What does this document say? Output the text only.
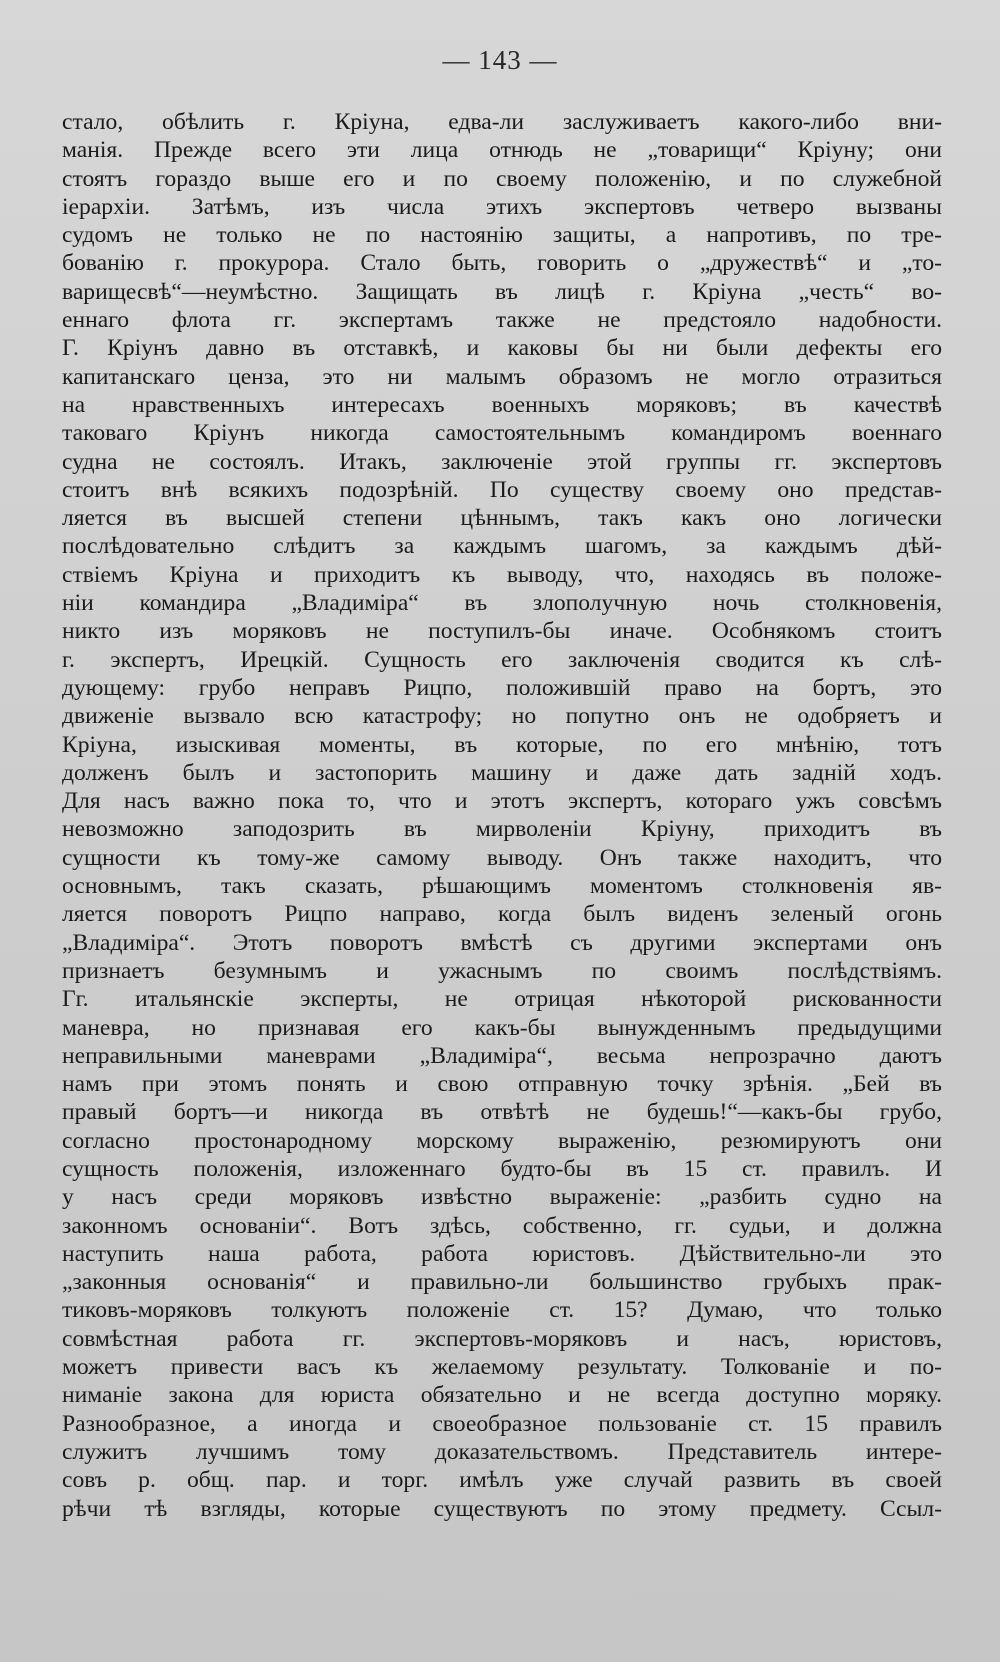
— 143 —
стало, обѣлить г. Кріуна, едва-ли заслуживаетъ какого-либо вни-
манія. Прежде всего эти лица отнюдь не „товарищи“ Кріуну; они
стоятъ гораздо выше его и по своему положенію, и по служебной
іерархіи. Затѣмъ, изъ числа этихъ экспертовъ четверо вызваны
судомъ не только не по настоянію защиты, а напротивъ, по тре-
бованію г. прокурора. Стало быть, говорить о „дружествѣ“ и „то-
варищесвѣ“—неумѣстно. Защищать въ лицѣ г. Кріуна „честь“ во-
еннаго флота гг. экспертамъ также не предстояло надобности.
Г. Кріунъ давно въ отставкѣ, и каковы бы ни были дефекты его
капитанскаго ценза, это ни малымъ образомъ не могло отразиться
на нравственныхъ интересахъ военныхъ моряковъ; въ качествѣ
таковаго Кріунъ никогда самостоятельнымъ командиромъ военнаго
судна не состоялъ. Итакъ, заключеніе этой группы гг. экспертовъ
стоитъ внѣ всякихъ подозрѣній. По существу своему оно представ-
ляется въ высшей степени цѣннымъ, такъ какъ оно логически
послѣдовательно слѣдитъ за каждымъ шагомъ, за каждымъ дѣй-
ствіемъ Кріуна и приходитъ къ выводу, что, находясь въ положе-
ніи командира „Владиміра“ въ злополучную ночь столкновенія,
никто изъ моряковъ не поступилъ-бы иначе. Особнякомъ стоитъ
г. экспертъ, Ирецкій. Сущность его заключенія сводится къ слѣ-
дующему: грубо неправъ Рицпо, положившій право на бортъ, это
движеніе вызвало всю катастрофу; но попутно онъ не одобряетъ и
Кріуна, изыскивая моменты, въ которые, по его мнѣнію, тотъ
долженъ былъ и застопорить машину и даже дать задній ходъ.
Для насъ важно пока то, что и этотъ экспертъ, котораго ужъ совсѣмъ
невозможно заподозрить въ мирволеніи Кріуну, приходитъ въ
сущности къ тому-же самому выводу. Онъ также находитъ, что
основнымъ, такъ сказать, рѣшающимъ моментомъ столкновенія яв-
ляется поворотъ Рицпо направо, когда былъ виденъ зеленый огонь
„Владиміра“. Этотъ поворотъ вмѣстѣ съ другими экспертами онъ
признаетъ безумнымъ и ужаснымъ по своимъ послѣдствіямъ.
Гг. итальянскіе эксперты, не отрицая нѣкоторой рискованности
маневра, но признавая его какъ-бы вынужденнымъ предыдущими
неправильными маневрами „Владиміра“, весьма непрозрачно даютъ
намъ при этомъ понять и свою отправную точку зрѣнія. „Бей въ
правый бортъ—и никогда въ отвѣтѣ не будешь!“—какъ-бы грубо,
согласно простонародному морскому выраженію, резюмируютъ они
сущность положенія, изложеннаго будто-бы въ 15 ст. правилъ. И
у насъ среди моряковъ извѣстно выраженіе: „разбить судно на
законномъ основаніи“. Вотъ здѣсь, собственно, гг. судьи, и должна
наступить наша работа, работа юристовъ. Дѣйствительно-ли это
„законныя основанія“ и правильно-ли большинство грубыхъ прак-
тиковъ-моряковъ толкуютъ положеніе ст. 15? Думаю, что только
совмѣстная работа гг. экспертовъ-моряковъ и насъ, юристовъ,
можетъ привести васъ къ желаемому результату. Толкованіе и по-
ниманіе закона для юриста обязательно и не всегда доступно моряку.
Разнообразное, а иногда и своеобразное пользованіе ст. 15 правилъ
служитъ лучшимъ тому доказательствомъ. Представитель интере-
совъ р. общ. пар. и торг. имѣлъ уже случай развить въ своей
рѣчи тѣ взгляды, которые существуютъ по этому предмету. Ссыл-
